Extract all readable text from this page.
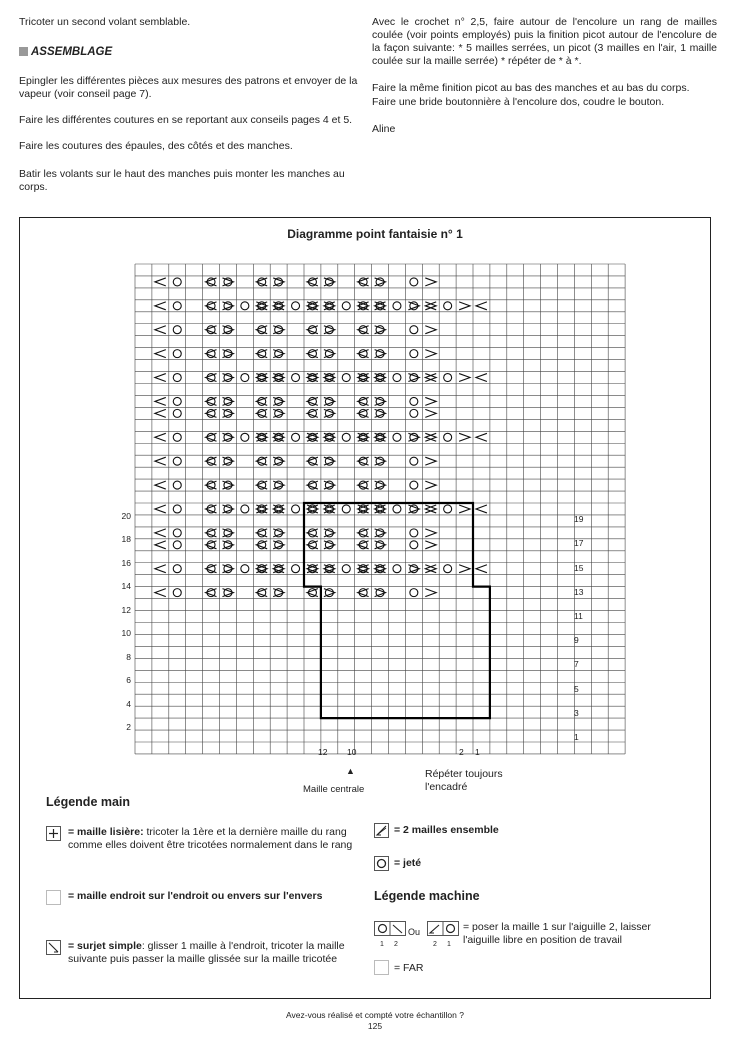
Tricoter un second volant semblable.
ASSEMBLAGE
Epingler les différentes pièces aux mesures des patrons et envoyer de la vapeur (voir conseil page 7).
Faire les différentes coutures en se reportant aux conseils pages 4 et 5.
Faire les coutures des épaules, des côtés et des manches.
Batir les volants sur le haut des manches puis monter les manches au corps.
Avec le crochet n° 2,5, faire autour de l'encolure un rang de mailles coulée (voir points employés) puis la finition picot autour de l'encolure de la façon suivante: * 5 mailles serrées, un picot (3 mailles en l'air, 1 maille coulée sur la maille serrée) * répéter de * à *.
Faire la même finition picot au bas des manches et au bas du corps.
Faire une bride boutonnière à l'encolure dos, coudre le bouton.
Aline
Diagramme point fantaisie n° 1
2
4
6
8
10
12
14
16
18
20
1
3
5
7
9
11
13
15
17
19
12 10	2 1
▲
Maille centrale
Répéter toujours l'encadré
Légende main
= maille lisière: tricoter la 1ère et la dernière maille du rang comme elles doivent être tricotées normalement dans le rang
= maille endroit sur l'endroit ou envers sur l'envers
= surjet simple: glisser 1 maille à l'endroit, tricoter la maille suivante puis passer la maille glissée sur la maille tricotée
= 2 mailles ensemble
= jeté
Légende machine
1 2
Ou
2 1
= poser la maille 1 sur l'aiguille 2, laisser l'aiguille libre en position de travail
= FAR
Avez-vous réalisé et compté votre échantillon ?
125
